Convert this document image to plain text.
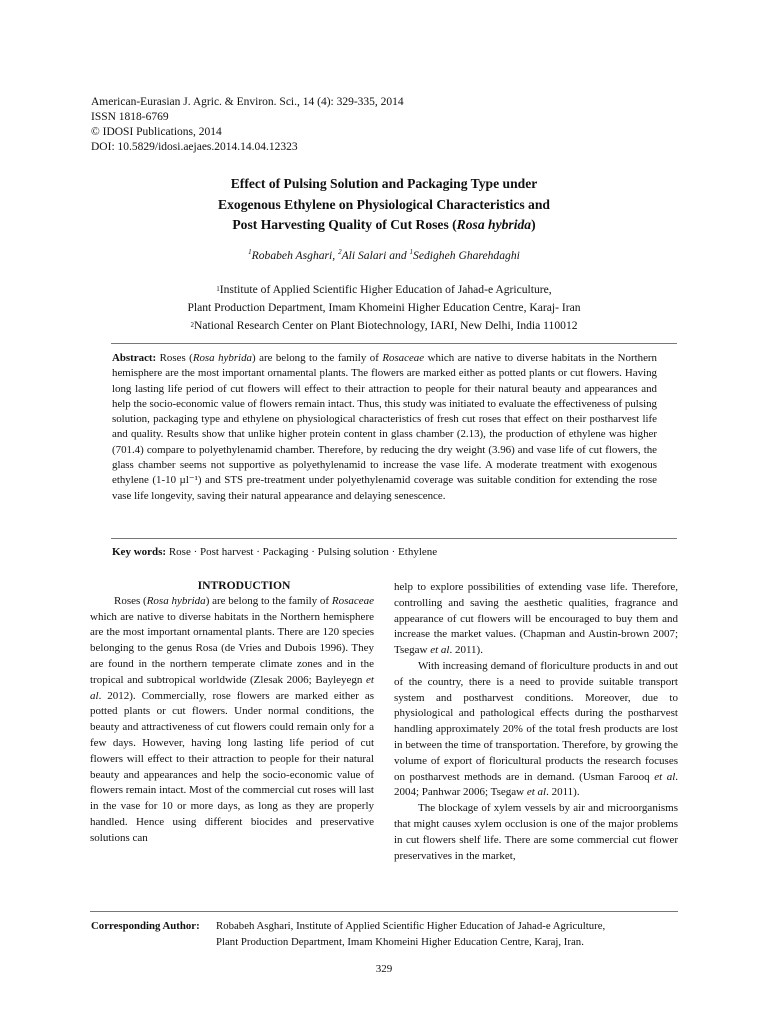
American-Eurasian J. Agric. & Environ. Sci., 14 (4): 329-335, 2014
ISSN 1818-6769
© IDOSI Publications, 2014
DOI: 10.5829/idosi.aejaes.2014.14.04.12323
Effect of Pulsing Solution and Packaging Type under
Exogenous Ethylene on Physiological Characteristics and
Post Harvesting Quality of Cut Roses (Rosa hybrida)
$^1$Robabeh Asghari, $^2$Ali Salari and $^1$Sedigheh Gharehdaghi
$^1$Institute of Applied Scientific Higher Education of Jahad-e Agriculture,
Plant Production Department, Imam Khomeini Higher Education Centre, Karaj- Iran
$^2$National Research Center on Plant Biotechnology, IARI, New Delhi, India 110012
Abstract: Roses (Rosa hybrida) are belong to the family of Rosaceae which are native to diverse habitats in the Northern hemisphere are the most important ornamental plants. The flowers are marked either as potted plants or cut flowers. Having long lasting life period of cut flowers will effect to their attraction to people for their natural beauty and appearances and help the socio-economic value of flowers remain intact. Thus, this study was initiated to evaluate the effectiveness of pulsing solution, packaging type and ethylene on physiological characteristics of fresh cut roses that effect on their postharvest life and quality. Results show that unlike higher protein content in glass chamber (2.13), the production of ethylene was higher (701.4) compare to polyethylenamid chamber. Therefore, by reducing the dry weight (3.96) and vase life of cut flowers, the glass chamber seems not supportive as polyethylenamid to increase the vase life. A moderate treatment with exogenous ethylene (1-10 µl⁻¹) and STS pre-treatment under polyethylenamid coverage was suitable condition for extending the rose vase life longevity, saving their natural appearance and delaying senescence.
Key words: Rose · Post harvest · Packaging · Pulsing solution · Ethylene

INTRODUCTION

Roses (Rosa hybrida) are belong to the family of Rosaceae which are native to diverse habitats in the Northern hemisphere are the most important ornamental plants. There are 120 species belonging to the genus Rosa (de Vries and Dubois 1996). They are found in the northern temperate climate zones and in the tropical and subtropical worldwide (Zlesak 2006; Bayleyegn et al. 2012). Commercially, rose flowers are marked either as potted plants or cut flowers. Under normal conditions, the beauty and attractiveness of cut flowers could remain only for a few days. However, having long lasting life period of cut flowers will effect to their attraction to people for their natural beauty and appearances and help the socio-economic value of flowers remain intact. Most of the commercial cut roses will last in the vase for 10 or more days, as long as they are properly handled. Hence using different biocides and preservative solutions can

help to explore possibilities of extending vase life. Therefore, controlling and saving the aesthetic qualities, fragrance and appearance of cut flowers will be encouraged to buy them and increase the market values. (Chapman and Austin-brown 2007; Tsegaw et al. 2011).

With increasing demand of floriculture products in and out of the country, there is a need to provide suitable transport system and postharvest conditions. Moreover, due to physiological and pathological effects during the postharvest handling approximately 20% of the total fresh products are lost in between the time of transportation. Therefore, by growing the volume of export of floricultural products the research focuses on postharvest methods are in demand. (Usman Farooq et al. 2004; Panhwar 2006; Tsegaw et al. 2011).

The blockage of xylem vessels by air and microorganisms that might causes xylem occlusion is one of the major problems in cut flowers shelf life. There are some commercial cut flower preservatives in the market,

Corresponding Author: Robabeh Asghari, Institute of Applied Scientific Higher Education of Jahad-e Agriculture,
Plant Production Department, Imam Khomeini Higher Education Centre, Karaj, Iran.
329
